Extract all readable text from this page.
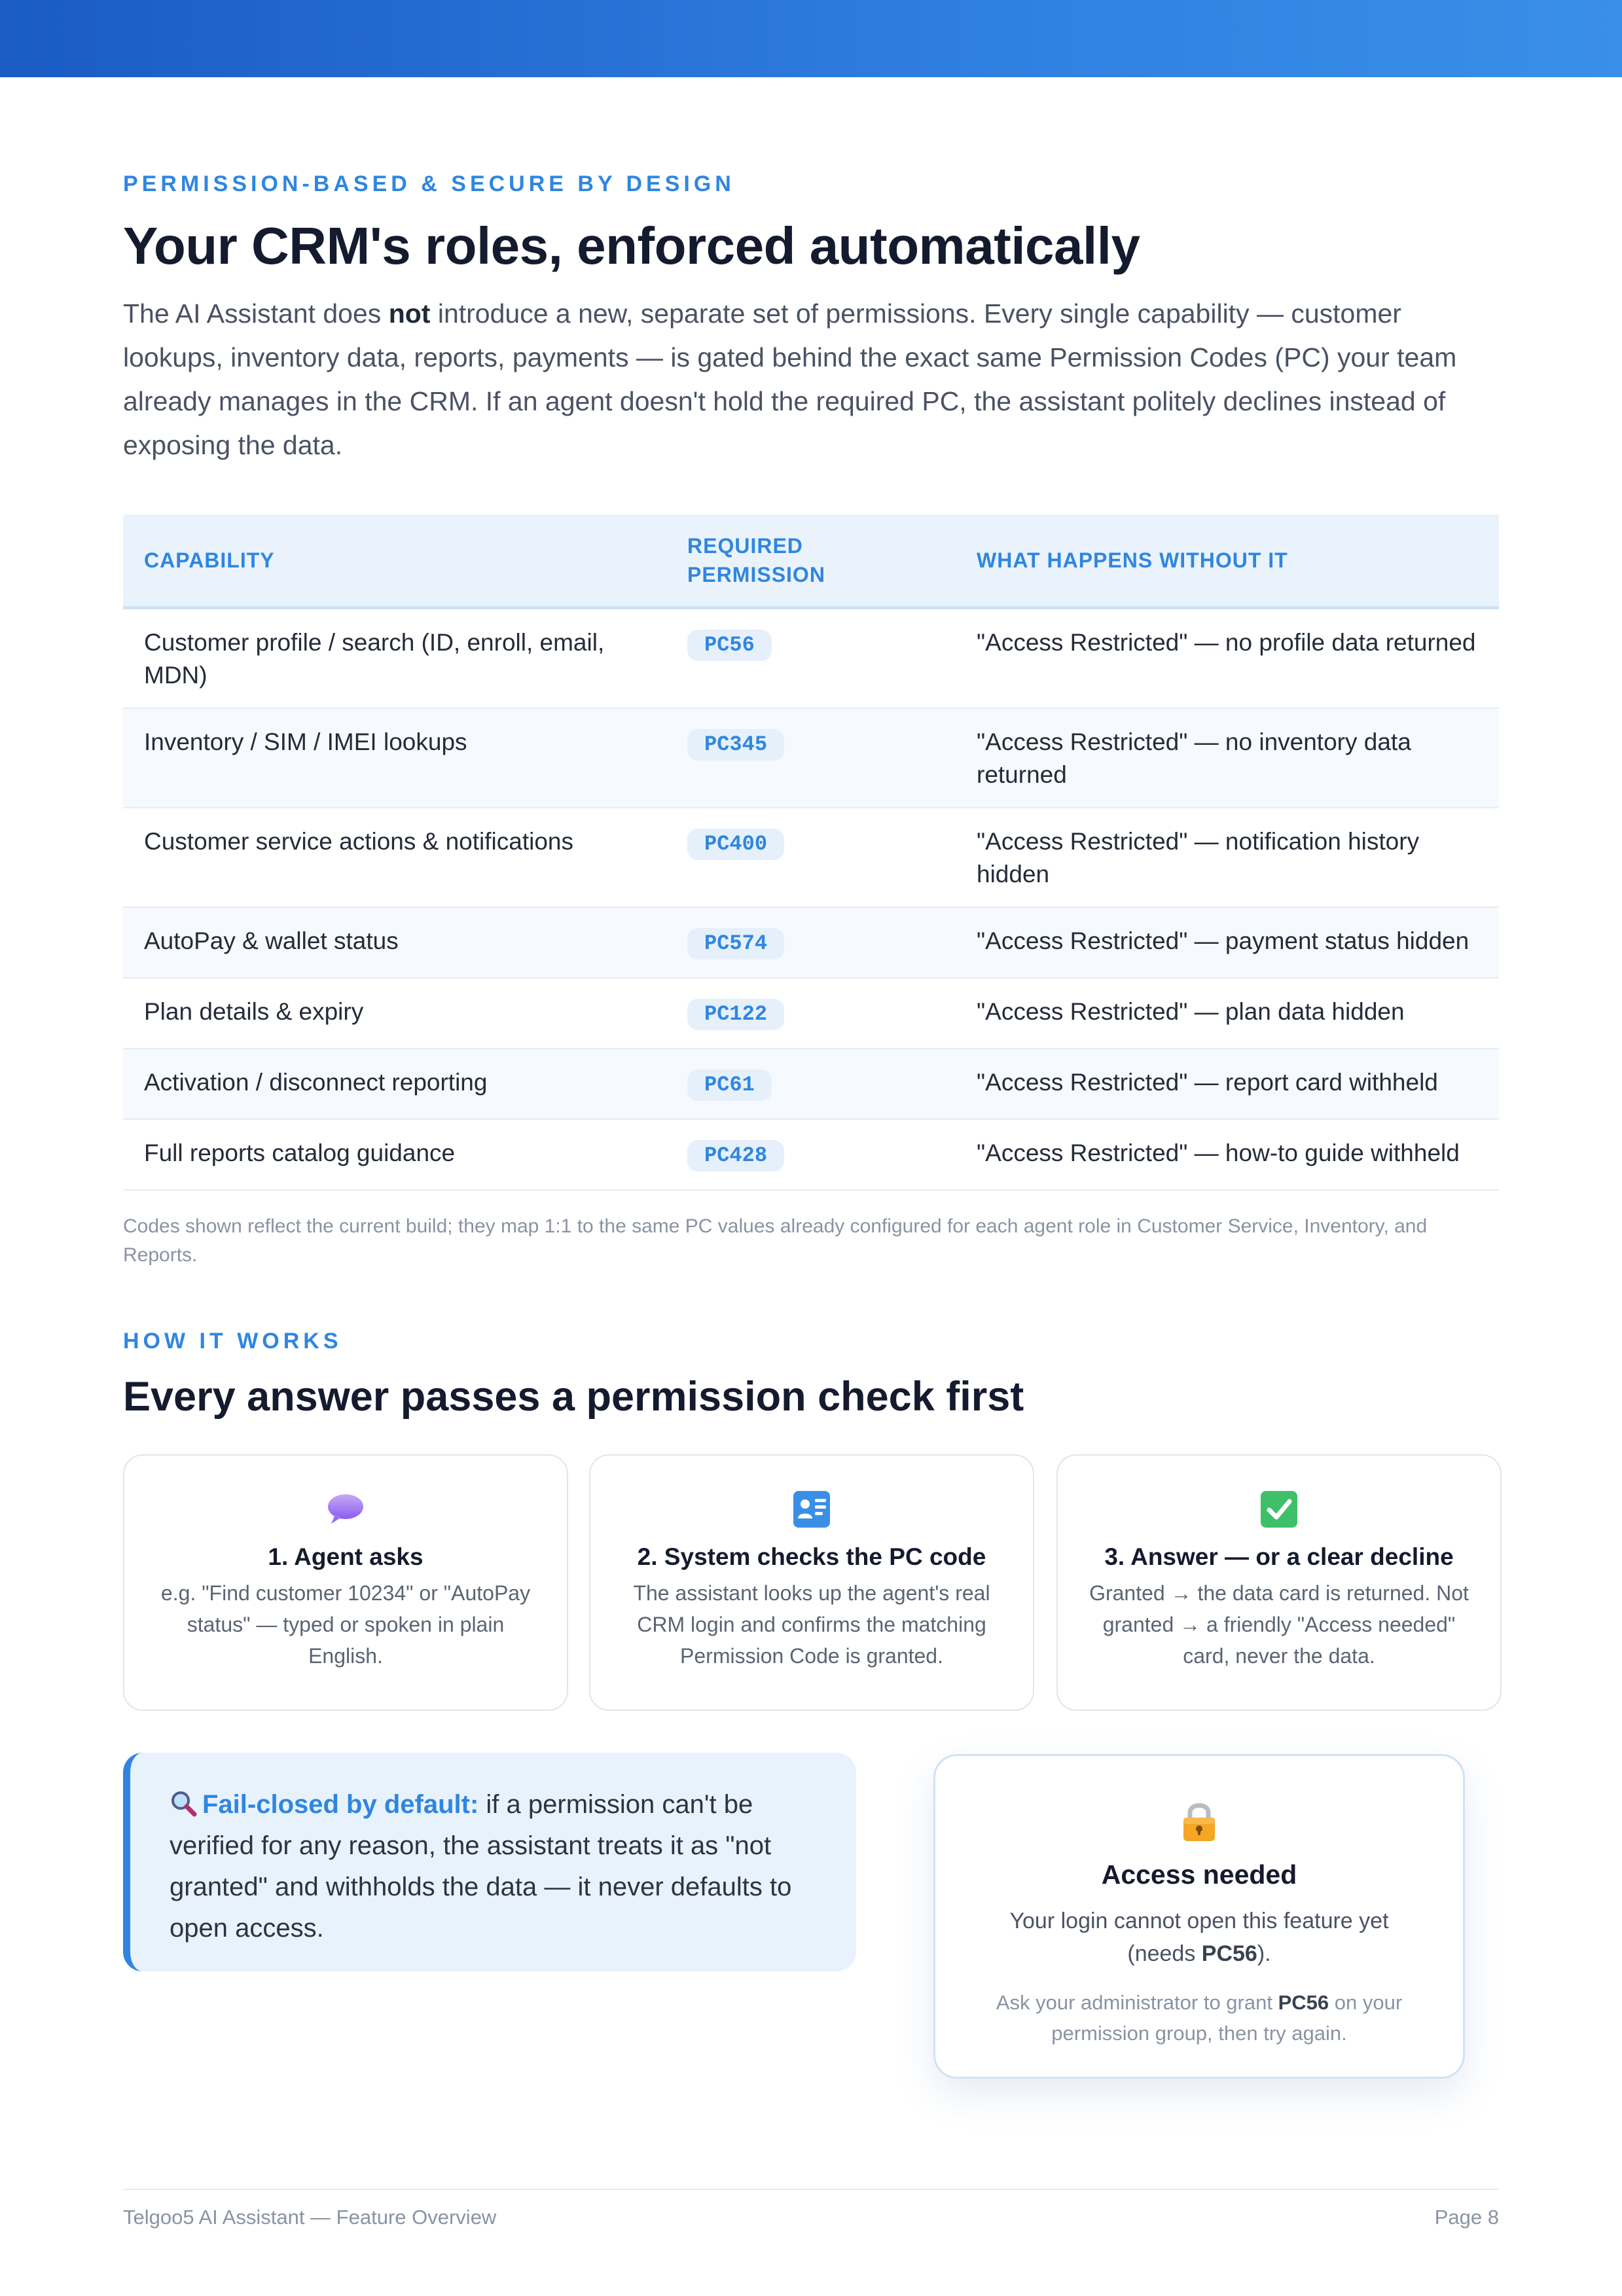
PERMISSION-BASED & SECURE BY DESIGN
Your CRM's roles, enforced automatically
The AI Assistant does not introduce a new, separate set of permissions. Every single capability — customer lookups, inventory data, reports, payments — is gated behind the exact same Permission Codes (PC) your team already manages in the CRM. If an agent doesn't hold the required PC, the assistant politely declines instead of exposing the data.
CAPABILITY	REQUIRED PERMISSION	WHAT HAPPENS WITHOUT IT
Customer profile / search (ID, enroll, email, MDN)	PC56	"Access Restricted" — no profile data returned
Inventory / SIM / IMEI lookups	PC345	"Access Restricted" — no inventory data returned
Customer service actions & notifications	PC400	"Access Restricted" — notification history hidden
AutoPay & wallet status	PC574	"Access Restricted" — payment status hidden
Plan details & expiry	PC122	"Access Restricted" — plan data hidden
Activation / disconnect reporting	PC61	"Access Restricted" — report card withheld
Full reports catalog guidance	PC428	"Access Restricted" — how-to guide withheld
Codes shown reflect the current build; they map 1:1 to the same PC values already configured for each agent role in Customer Service, Inventory, and Reports.
HOW IT WORKS
Every answer passes a permission check first
1. Agent asks
e.g. "Find customer 10234" or "AutoPay status" — typed or spoken in plain English.
2. System checks the PC code
The assistant looks up the agent's real CRM login and confirms the matching Permission Code is granted.
3. Answer — or a clear decline
Granted → the data card is returned. Not granted → a friendly "Access needed" card, never the data.
Fail-closed by default: if a permission can't be verified for any reason, the assistant treats it as "not granted" and withholds the data — it never defaults to open access.
Access needed
Your login cannot open this feature yet (needs PC56).
Ask your administrator to grant PC56 on your permission group, then try again.
Telgoo5 AI Assistant — Feature Overview	Page 8
